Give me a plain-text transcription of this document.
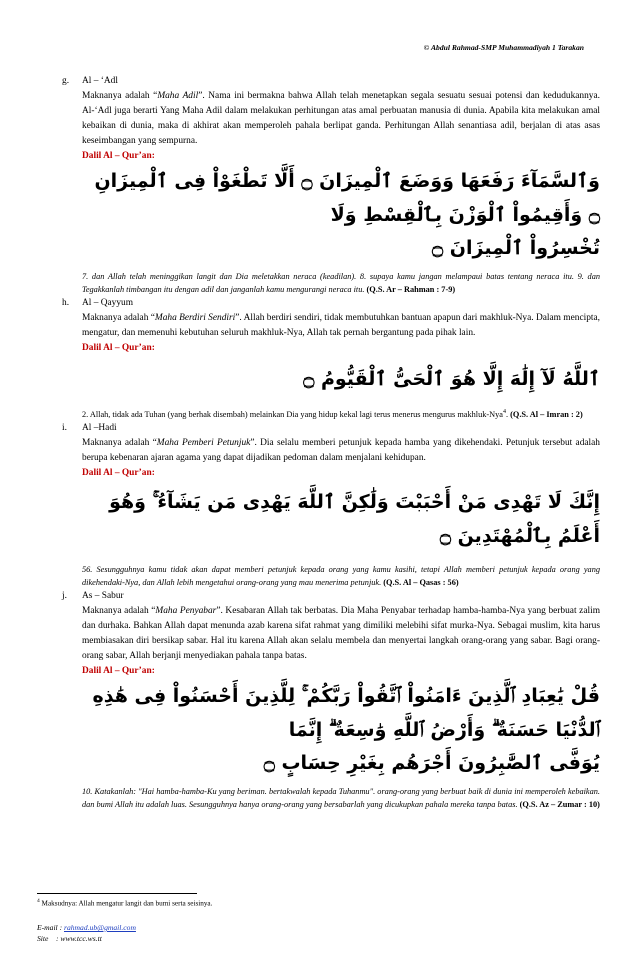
© Abdul Rahmad-SMP Muhammadiyah 1 Tarakan
g.	Al – ‘Adl
Maknanya adalah “Maha Adil”. Nama ini bermakna bahwa Allah telah menetapkan segala sesuatu sesuai potensi dan kedudukannya. Al-‘Adl juga berarti Yang Maha Adil dalam melakukan perhitungan atas amal perbuatan manusia di dunia. Apabila kita melakukan amal kebaikan di dunia, maka di akhirat akan memperoleh pahala berlipat ganda. Perhitungan Allah senantiasa adil, berjalan di atas asas keseimbangan yang sempurna.
Dalil Al – Qur’an:
وَٱلسَّمَآءَ رَفَعَهَا وَوَضَعَ ٱلْمِيزَانَ ۝ أَلَّا تَطْغَوْاْ فِى ٱلْمِيزَانِ ۝ وَأَقِيمُواْ ٱلْوَزْنَ بِٱلْقِسْطِ وَلَا
تُخْسِرُواْ ٱلْمِيزَانَ ۝
7. dan Allah telah meninggikan langit dan Dia meletakkan neraca (keadilan). 8. supaya kamu jangan melampaui batas tentang neraca itu. 9. dan Tegakkanlah timbangan itu dengan adil dan janganlah kamu mengurangi neraca itu. (Q.S. Ar – Rahman : 7-9)
h.	Al – Qayyum
Maknanya adalah “Maha Berdiri Sendiri”. Allah berdiri sendiri, tidak membutuhkan bantuan apapun dari makhluk-Nya. Dalam mencipta, mengatur, dan memenuhi kebutuhan seluruh makhluk-Nya, Allah tak pernah bergantung pada pihak lain.
Dalil Al – Qur’an:
ٱللَّهُ لَآ إِلَٰهَ إِلَّا هُوَ ٱلْحَىُّ ٱلْقَيُّومُ ۝
2. Allah, tidak ada Tuhan (yang berhak disembah) melainkan Dia yang hidup kekal lagi terus menerus mengurus makhluk-Nya$^4$. (Q.S. Al – Imran : 2)
i.	Al –Hadi
Maknanya adalah “Maha Pemberi Petunjuk”. Dia selalu memberi petunjuk kepada hamba yang dikehendaki. Petunjuk tersebut adalah berupa kebenaran ajaran agama yang dapat dijadikan pedoman dalam menjalani kehidupan.
Dalil Al – Qur’an:
إِنَّكَ لَا تَهْدِى مَنْ أَحْبَبْتَ وَلَٰكِنَّ ٱللَّهَ يَهْدِى مَن يَشَآءُ ۚ وَهُوَ أَعْلَمُ بِٱلْمُهْتَدِينَ ۝
56. Sesungguhnya kamu tidak akan dapat memberi petunjuk kepada orang yang kamu kasihi, tetapi Allah memberi petunjuk kepada orang yang dikehendaki-Nya, dan Allah lebih mengetahui orang-orang yang mau menerima petunjuk. (Q.S. Al – Qasas : 56)
j.	As – Sabur
Maknanya adalah “Maha Penyabar”. Kesabaran Allah tak berbatas. Dia Maha Penyabar terhadap hamba-hamba-Nya yang berbuat zalim dan durhaka. Bahkan Allah dapat menunda azab karena sifat rahmat yang dimiliki melebihi sifat murka-Nya. Sebagai muslim, kita harus membiasakan diri bersikap sabar. Hal itu karena Allah akan selalu membela dan menyertai langkah orang-orang yang sabar. Bagi orang-orang sabar, Allah berjanji menyediakan pahala tanpa batas.
Dalil Al – Qur’an:
قُلْ يَٰعِبَادِ ٱلَّذِينَ ءَامَنُواْ ٱتَّقُواْ رَبَّكُمْ ۚ لِلَّذِينَ أَحْسَنُواْ فِى هَٰذِهِ ٱلدُّنْيَا حَسَنَةٌ ۗ وَأَرْضُ ٱللَّهِ وَٰسِعَةٌ ۗ إِنَّمَا
يُوَفَّى ٱلصَّٰبِرُونَ أَجْرَهُم بِغَيْرِ حِسَابٍ ۝
10. Katakanlah: "Hai hamba-hamba-Ku yang beriman. bertakwalah kepada Tuhanmu". orang-orang yang berbuat baik di dunia ini memperoleh kebaikan. dan bumi Allah itu adalah luas. Sesungguhnya hanya orang-orang yang bersabarlah yang dicukupkan pahala mereka tanpa batas. (Q.S. Az – Zumar : 10)
$^4$ Maksudnya: Allah mengatur langit dan bumi serta seisinya.
E-mail : rahmad.ub@gmail.com
Site    : www.tcc.ws.tt
